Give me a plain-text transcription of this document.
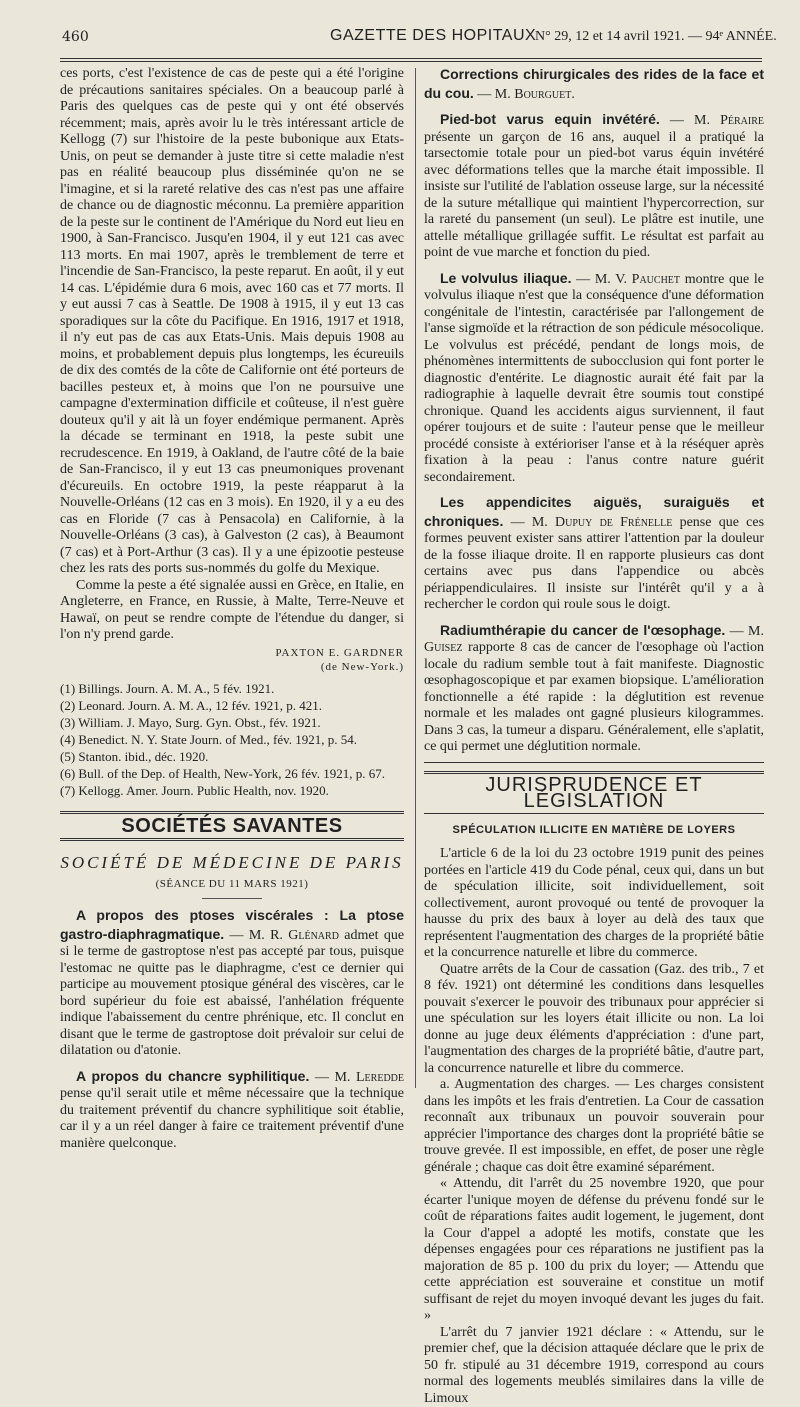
460	GAZETTE DES HOPITAUX
N° 29, 12 et 14 avril 1921. — 94ᵉ ANNÉE.

ces ports, c'est l'existence de cas de peste qui a été l'origine de précautions sanitaires spéciales. On a beaucoup parlé à Paris des quelques cas de peste qui y ont été observés récemment; mais, après avoir lu le très intéressant article de Kellogg (7) sur l'histoire de la peste bubonique aux Etats-Unis, on peut se demander à juste titre si cette maladie n'est pas en réalité beaucoup plus disséminée qu'on ne se l'imagine, et si la rareté relative des cas n'est pas une affaire de chance ou de diagnostic méconnu. La première apparition de la peste sur le continent de l'Amérique du Nord eut lieu en 1900, à San-Francisco. Jusqu'en 1904, il y eut 121 cas avec 113 morts. En mai 1907, après le tremblement de terre et l'incendie de San-Francisco, la peste reparut. En août, il y eut 14 cas. L'épidémie dura 6 mois, avec 160 cas et 77 morts. Il y eut aussi 7 cas à Seattle. De 1908 à 1915, il y eut 13 cas sporadiques sur la côte du Pacifique. En 1916, 1917 et 1918, il n'y eut pas de cas aux Etats-Unis. Mais depuis 1908 au moins, et probablement depuis plus longtemps, les écureuils de dix des comtés de la côte de Californie ont été porteurs de bacilles pesteux et, à moins que l'on ne poursuive une campagne d'extermination difficile et coûteuse, il n'est guère douteux qu'il y ait là un foyer endémique permanent. Après la décade se terminant en 1918, la peste subit une recrudescence. En 1919, à Oakland, de l'autre côté de la baie de San-Francisco, il y eut 13 cas pneumoniques provenant d'écureuils. En octobre 1919, la peste réapparut à la Nouvelle-Orléans (12 cas en 3 mois). En 1920, il y a eu des cas en Floride (7 cas à Pensacola) en Californie, à la Nouvelle-Orléans (3 cas), à Galveston (2 cas), à Beaumont (7 cas) et à Port-Arthur (3 cas). Il y a une épizootie pesteuse chez les rats des ports sus-nommés du golfe du Mexique.

Comme la peste a été signalée aussi en Grèce, en Italie, en Angleterre, en France, en Russie, à Malte, Terre-Neuve et Hawaï, on peut se rendre compte de l'étendue du danger, si l'on n'y prend garde.

PAXTON E. GARDNER
(de New-York.)
(1) Billings. Journ. A. M. A., 5 fév. 1921.
(2) Leonard. Journ. A. M. A., 12 fév. 1921, p. 421.
(3) William. J. Mayo, Surg. Gyn. Obst., fév. 1921.
(4) Benedict. N. Y. State Journ. of Med., fév. 1921, p. 54.
(5) Stanton. ibid., déc. 1920.
(6) Bull. of the Dep. of Health, New-York, 26 fév. 1921, p. 67.
(7) Kellogg. Amer. Journ. Public Health, nov. 1920.
SOCIÉTÉS SAVANTES
SOCIÉTÉ DE MÉDECINE DE PARIS
(SÉANCE DU 11 MARS 1921)

A propos des ptoses viscérales : La ptose gastro-diaphragmatique. — M. R. Glénard admet que si le terme de gastroptose n'est pas accepté par tous, puisque l'estomac ne quitte pas le diaphragme, c'est ce dernier qui participe au mouvement ptosique général des viscères, car le bord supérieur du foie est abaissé, l'anhélation fréquente indique l'abaissement du centre phrénique, etc. Il conclut en disant que le terme de gastroptose doit prévaloir sur celui de dilatation ou d'atonie.

A propos du chancre syphilitique. — M. Leredde pense qu'il serait utile et même nécessaire que la technique du traitement préventif du chancre syphilitique soit établie, car il y a un réel danger à faire ce traitement préventif d'une manière quelconque.

Corrections chirurgicales des rides de la face et du cou. — M. Bourguet.

Pied-bot varus equin invétéré. — M. Péraire présente un garçon de 16 ans, auquel il a pratiqué la tarsectomie totale pour un pied-bot varus équin invétéré avec déformations telles que la marche était impossible. Il insiste sur l'utilité de l'ablation osseuse large, sur la nécessité de la suture métallique qui maintient l'hypercorrection, sur la rareté du pansement (un seul). Le plâtre est inutile, une attelle métallique grillagée suffit. Le résultat est parfait au point de vue marche et fonction du pied.

Le volvulus iliaque. — M. V. Pauchet montre que le volvulus iliaque n'est que la conséquence d'une déformation congénitale de l'intestin, caractérisée par l'allongement de l'anse sigmoïde et la rétraction de son pédicule mésocolique. Le volvulus est précédé, pendant de longs mois, de phénomènes intermittents de subocclusion qui font porter le diagnostic d'entérite. Le diagnostic aurait été fait par la radiographie à laquelle devrait être soumis tout constipé chronique. Quand les accidents aigus surviennent, il faut opérer toujours et de suite : l'auteur pense que le meilleur procédé consiste à extérioriser l'anse et à la réséquer après fixation à la peau : l'anus contre nature guérit secondairement.

Les appendicites aiguës, suraiguës et chroniques. — M. Dupuy de Frénelle pense que ces formes peuvent exister sans attirer l'attention par la douleur de la fosse iliaque droite. Il en rapporte plusieurs cas dont certains avec pus dans l'appendice ou abcès périappendiculaires. Il insiste sur l'intérêt qu'il y a à rechercher le cordon qui roule sous le doigt.

Radiumthérapie du cancer de l'œsophage. — M. Guisez rapporte 8 cas de cancer de l'œsophage où l'action locale du radium semble tout à fait manifeste. Diagnostic œsophagoscopique et par examen biopsique. L'amélioration fonctionnelle a été rapide : la déglutition est revenue normale et les malades ont gagné plusieurs kilogrammes. Dans 3 cas, la tumeur a disparu. Généralement, elle s'aplatit, ce qui permet une déglutition normale.

JURISPRUDENCE ET LÉGISLATION
SPÉCULATION ILLICITE EN MATIÈRE DE LOYERS

L'article 6 de la loi du 23 octobre 1919 punit des peines portées en l'article 419 du Code pénal, ceux qui, dans un but de spéculation illicite, soit individuellement, soit collectivement, auront provoqué ou tenté de provoquer la hausse du prix des baux à loyer au delà des taux que représentent l'augmentation des charges de la propriété bâtie et la concurrence naturelle et libre du commerce.

Quatre arrêts de la Cour de cassation (Gaz. des trib., 7 et 8 fév. 1921) ont déterminé les conditions dans lesquelles pouvait s'exercer le pouvoir des tribunaux pour apprécier si une spéculation sur les loyers était illicite ou non. La loi donne au juge deux éléments d'appréciation : d'une part, l'augmentation des charges de la propriété bâtie, d'autre part, la concurrence naturelle et libre du commerce.

a. Augmentation des charges. — Les charges consistent dans les impôts et les frais d'entretien. La Cour de cassation reconnaît aux tribunaux un pouvoir souverain pour apprécier l'importance des charges dont la propriété bâtie se trouve grevée. Il est impossible, en effet, de poser une règle générale ; chaque cas doit être examiné séparément.

« Attendu, dit l'arrêt du 25 novembre 1920, que pour écarter l'unique moyen de défense du prévenu fondé sur le coût de réparations faites audit logement, le jugement, dont la Cour d'appel a adopté les motifs, constate que les dépenses engagées pour ces réparations ne justifient pas la majoration de 85 p. 100 du prix du loyer; — Attendu que cette appréciation est souveraine et constitue un motif suffisant de rejet du moyen invoqué devant les juges du fait. »

L'arrêt du 7 janvier 1921 déclare : « Attendu, sur le premier chef, que la décision attaquée déclare que le prix de 50 fr. stipulé au 31 décembre 1919, correspond au cours normal des logements meublés similaires dans la ville de Limoux
